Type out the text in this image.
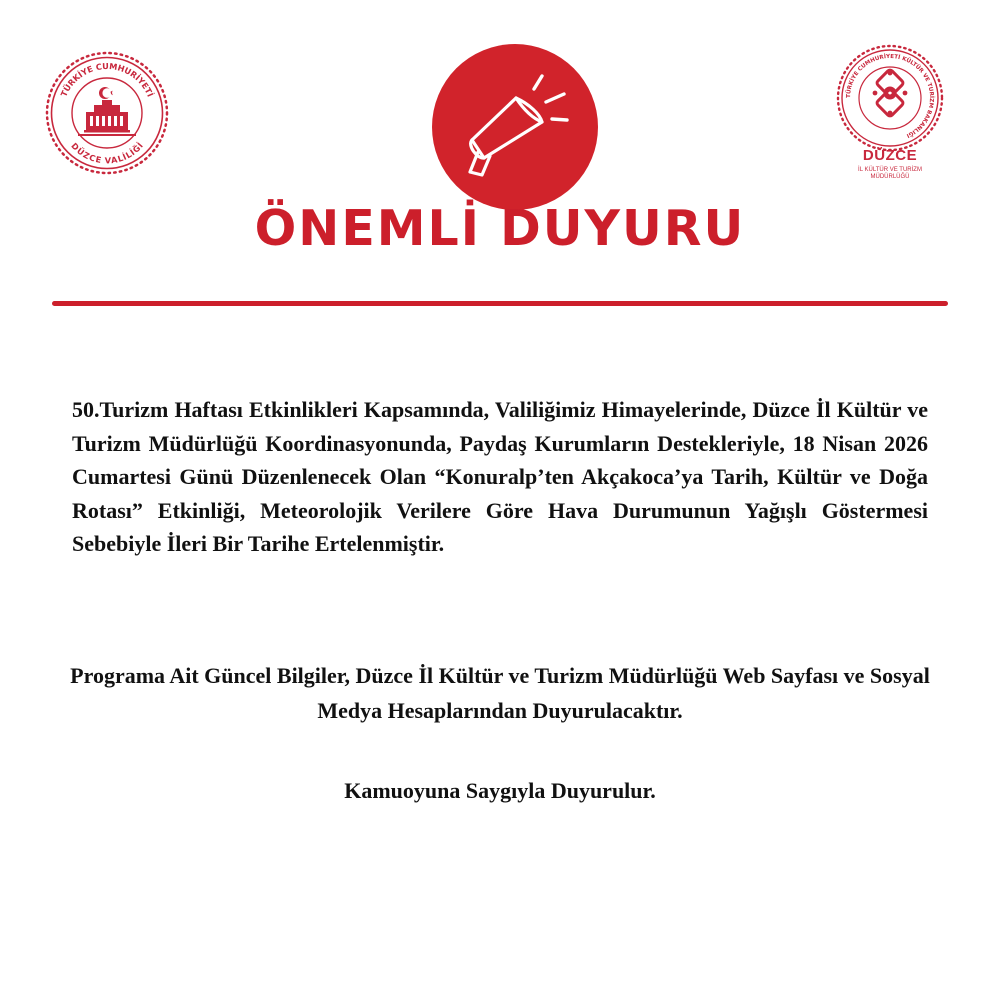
TÜRKİYE CUMHURİYETİ
DÜZCE VALİLİĞİ
TÜRKİYE CUMHURİYETİ KÜLTÜR VE TURİZM BAKANLIĞI
DÜZCE
İL KÜLTÜR VE TURİZM
MÜDÜRLÜĞÜ
ÖNEMLİ DUYURU

50.Turizm Haftası Etkinlikleri Kapsamında, Valiliğimiz Himayelerinde, Düzce İl Kültür ve Turizm Müdürlüğü Koordinasyonunda, Paydaş Kurumların Destekleriyle, 18 Nisan 2026 Cumartesi Günü Düzenlenecek Olan “Konuralp’ten Akçakoca’ya Tarih, Kültür ve Doğa Rotası” Etkinliği, Meteorolojik Verilere Göre Hava Durumunun Yağışlı Göstermesi Sebebiyle İleri Bir Tarihe Ertelenmiştir.

Programa Ait Güncel Bilgiler, Düzce İl Kültür ve Turizm Müdürlüğü Web Sayfası ve Sosyal Medya Hesaplarından Duyurulacaktır.

Kamuoyuna Saygıyla Duyurulur.
